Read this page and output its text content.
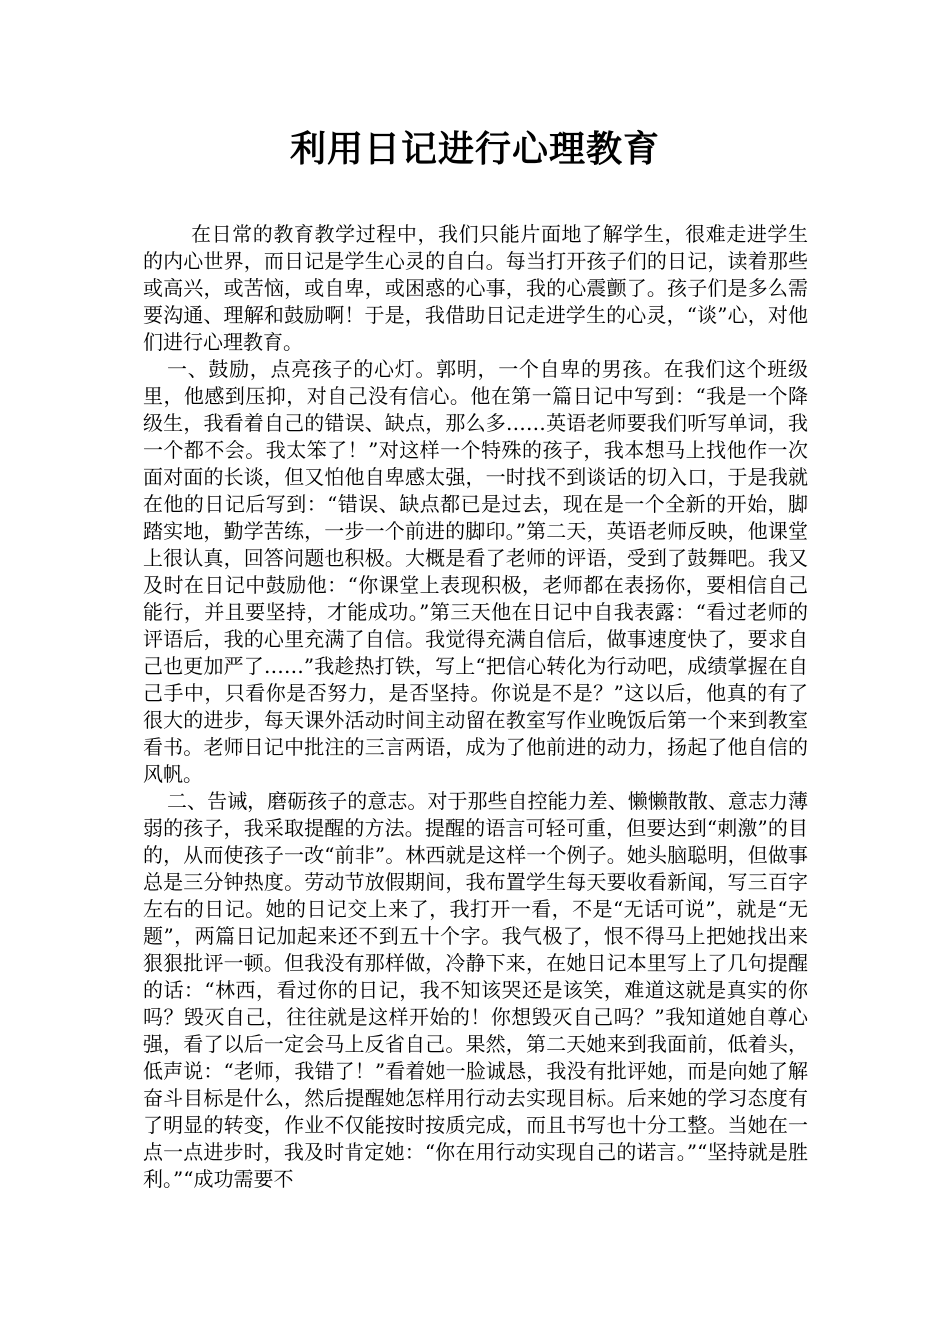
利用日记进行心理教育

在日常的教育教学过程中，我们只能片面地了解学生，很难走进学生的内心世界，而日记是学生心灵的自白。每当打开孩子们的日记，读着那些或高兴，或苦恼，或自卑，或困惑的心事，我的心震颤了。孩子们是多么需要沟通、理解和鼓励啊！于是，我借助日记走进学生的心灵，“谈”心，对他们进行心理教育。

一、鼓励，点亮孩子的心灯。郭明，一个自卑的男孩。在我们这个班级里，他感到压抑，对自己没有信心。他在第一篇日记中写到：“我是一个降级生，我看着自己的错误、缺点，那么多……英语老师要我们听写单词，我一个都不会。我太笨了！”对这样一个特殊的孩子，我本想马上找他作一次面对面的长谈，但又怕他自卑感太强，一时找不到谈话的切入口，于是我就在他的日记后写到：“错误、缺点都已是过去，现在是一个全新的开始，脚踏实地，勤学苦练，一步一个前进的脚印。”第二天，英语老师反映，他课堂上很认真，回答问题也积极。大概是看了老师的评语，受到了鼓舞吧。我又及时在日记中鼓励他：“你课堂上表现积极，老师都在表扬你，要相信自己能行，并且要坚持，才能成功。”第三天他在日记中自我表露：“看过老师的评语后，我的心里充满了自信。我觉得充满自信后，做事速度快了，要求自己也更加严了……”我趁热打铁，写上“把信心转化为行动吧，成绩掌握在自己手中，只看你是否努力，是否坚持。你说是不是？”这以后，他真的有了很大的进步，每天课外活动时间主动留在教室写作业晚饭后第一个来到教室看书。老师日记中批注的三言两语，成为了他前进的动力，扬起了他自信的风帆。

二、告诫，磨砺孩子的意志。对于那些自控能力差、懒懒散散、意志力薄弱的孩子，我采取提醒的方法。提醒的语言可轻可重，但要达到“刺激”的目的，从而使孩子一改“前非”。林西就是这样一个例子。她头脑聪明，但做事总是三分钟热度。劳动节放假期间，我布置学生每天要收看新闻，写三百字左右的日记。她的日记交上来了，我打开一看，不是“无话可说”，就是“无题”，两篇日记加起来还不到五十个字。我气极了，恨不得马上把她找出来狠狠批评一顿。但我没有那样做，冷静下来，在她日记本里写上了几句提醒的话：“林西，看过你的日记，我不知该哭还是该笑，难道这就是真实的你吗？毁灭自己，往往就是这样开始的！你想毁灭自己吗？”我知道她自尊心强，看了以后一定会马上反省自己。果然，第二天她来到我面前，低着头，低声说：“老师，我错了！”看着她一脸诚恳，我没有批评她，而是向她了解奋斗目标是什么，然后提醒她怎样用行动去实现目标。后来她的学习态度有了明显的转变，作业不仅能按时按质完成，而且书写也十分工整。当她在一点一点进步时，我及时肯定她：“你在用行动实现自己的诺言。”“坚持就是胜利。”“成功需要不
